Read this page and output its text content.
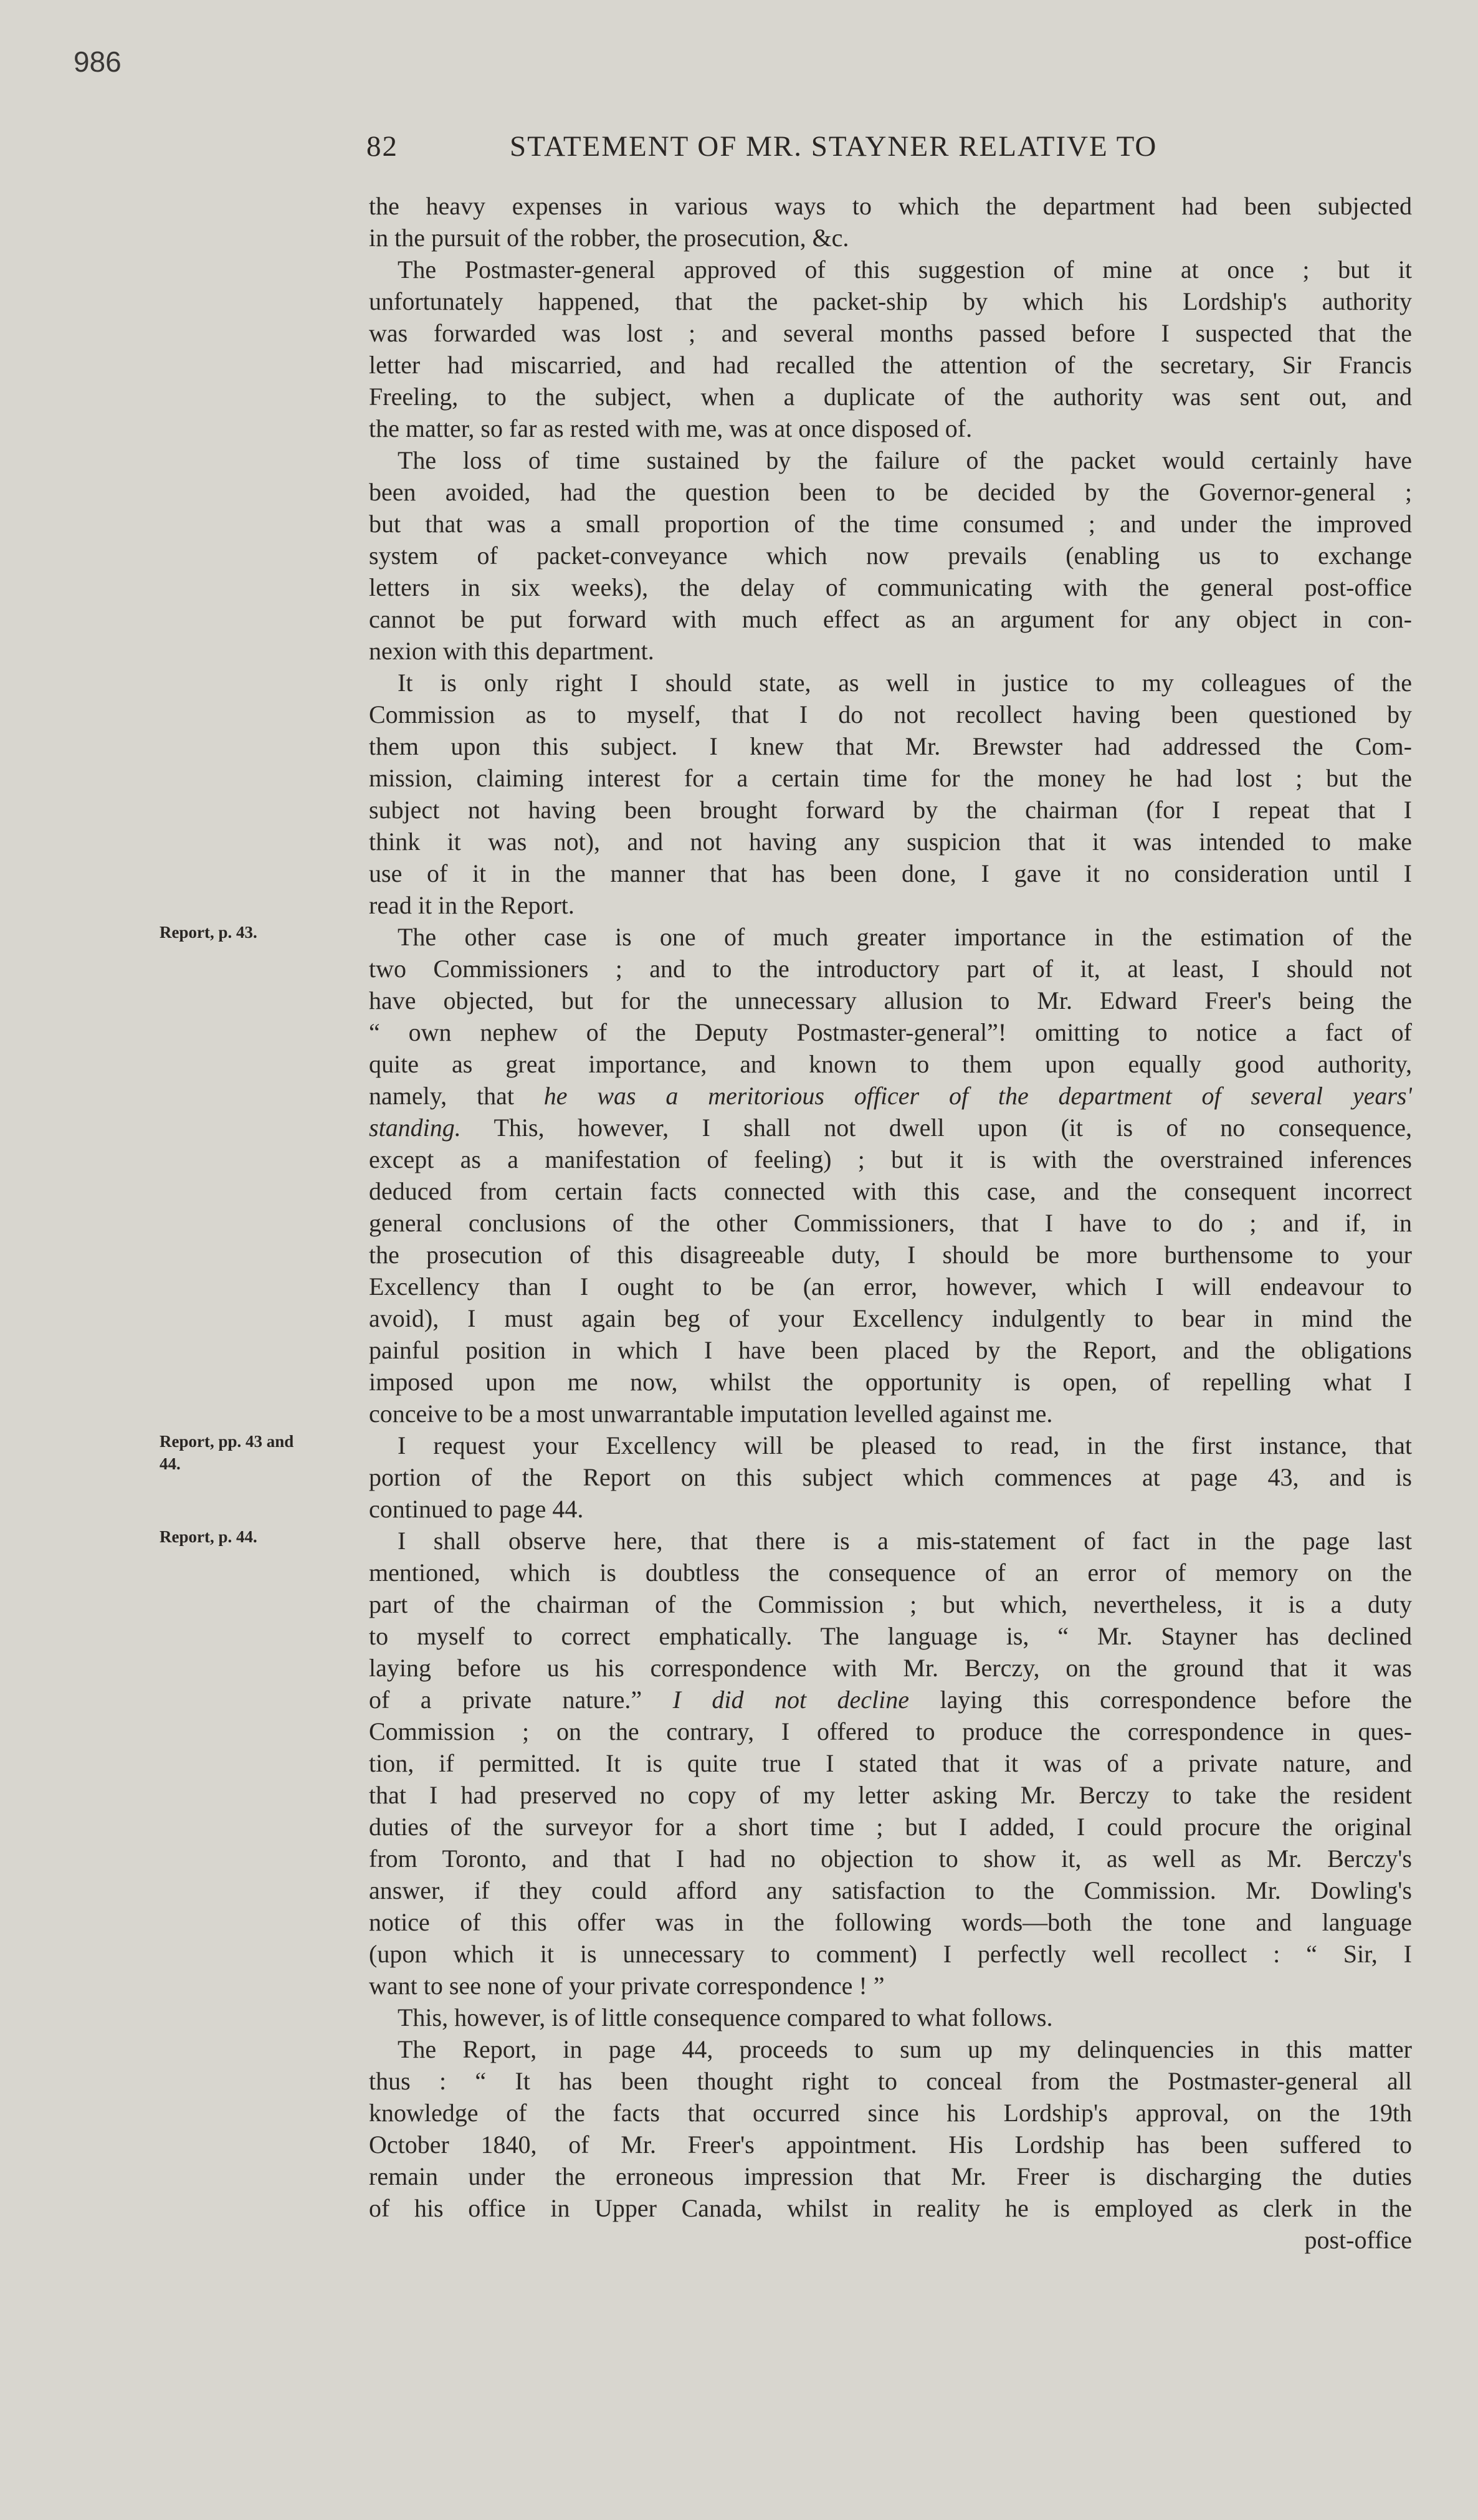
986
82	STATEMENT OF MR. STAYNER RELATIVE TO
Report, p. 43.
Report, pp. 43 and
44.
Report, p. 44.
the heavy expenses in various ways to which the department had been subjected
in the pursuit of the robber, the prosecution, &c.
The Postmaster-general approved of this suggestion of mine at once ; but it
unfortunately happened, that the packet-ship by which his Lordship's authority
was forwarded was lost ; and several months passed before I suspected that the
letter had miscarried, and had recalled the attention of the secretary, Sir Francis
Freeling, to the subject, when a duplicate of the authority was sent out, and
the matter, so far as rested with me, was at once disposed of.
The loss of time sustained by the failure of the packet would certainly have
been avoided, had the question been to be decided by the Governor-general ;
but that was a small proportion of the time consumed ; and under the improved
system of packet-conveyance which now prevails (enabling us to exchange
letters in six weeks), the delay of communicating with the general post-office
cannot be put forward with much effect as an argument for any object in con-
nexion with this department.
It is only right I should state, as well in justice to my colleagues of the
Commission as to myself, that I do not recollect having been questioned by
them upon this subject. I knew that Mr. Brewster had addressed the Com-
mission, claiming interest for a certain time for the money he had lost ; but the
subject not having been brought forward by the chairman (for I repeat that I
think it was not), and not having any suspicion that it was intended to make
use of it in the manner that has been done, I gave it no consideration until I
read it in the Report.
The other case is one of much greater importance in the estimation of the
two Commissioners ; and to the introductory part of it, at least, I should not
have objected, but for the unnecessary allusion to Mr. Edward Freer's being the
“ own nephew of the Deputy Postmaster-general”! omitting to notice a fact of
quite as great importance, and known to them upon equally good authority,
namely, that he was a meritorious officer of the department of several years'
standing. This, however, I shall not dwell upon (it is of no consequence,
except as a manifestation of feeling) ; but it is with the overstrained inferences
deduced from certain facts connected with this case, and the consequent incorrect
general conclusions of the other Commissioners, that I have to do ; and if, in
the prosecution of this disagreeable duty, I should be more burthensome to your
Excellency than I ought to be (an error, however, which I will endeavour to
avoid), I must again beg of your Excellency indulgently to bear in mind the
painful position in which I have been placed by the Report, and the obligations
imposed upon me now, whilst the opportunity is open, of repelling what I
conceive to be a most unwarrantable imputation levelled against me.
I request your Excellency will be pleased to read, in the first instance, that
portion of the Report on this subject which commences at page 43, and is
continued to page 44.
I shall observe here, that there is a mis-statement of fact in the page last
mentioned, which is doubtless the consequence of an error of memory on the
part of the chairman of the Commission ; but which, nevertheless, it is a duty
to myself to correct emphatically. The language is, “ Mr. Stayner has declined
laying before us his correspondence with Mr. Berczy, on the ground that it was
of a private nature.” I did not decline laying this correspondence before the
Commission ; on the contrary, I offered to produce the correspondence in ques-
tion, if permitted. It is quite true I stated that it was of a private nature, and
that I had preserved no copy of my letter asking Mr. Berczy to take the resident
duties of the surveyor for a short time ; but I added, I could procure the original
from Toronto, and that I had no objection to show it, as well as Mr. Berczy's
answer, if they could afford any satisfaction to the Commission. Mr. Dowling's
notice of this offer was in the following words—both the tone and language
(upon which it is unnecessary to comment) I perfectly well recollect : “ Sir, I
want to see none of your private correspondence ! ”
This, however, is of little consequence compared to what follows.
The Report, in page 44, proceeds to sum up my delinquencies in this matter
thus : “ It has been thought right to conceal from the Postmaster-general all
knowledge of the facts that occurred since his Lordship's approval, on the 19th
October 1840, of Mr. Freer's appointment. His Lordship has been suffered to
remain under the erroneous impression that Mr. Freer is discharging the duties
of his office in Upper Canada, whilst in reality he is employed as clerk in the
post-office
